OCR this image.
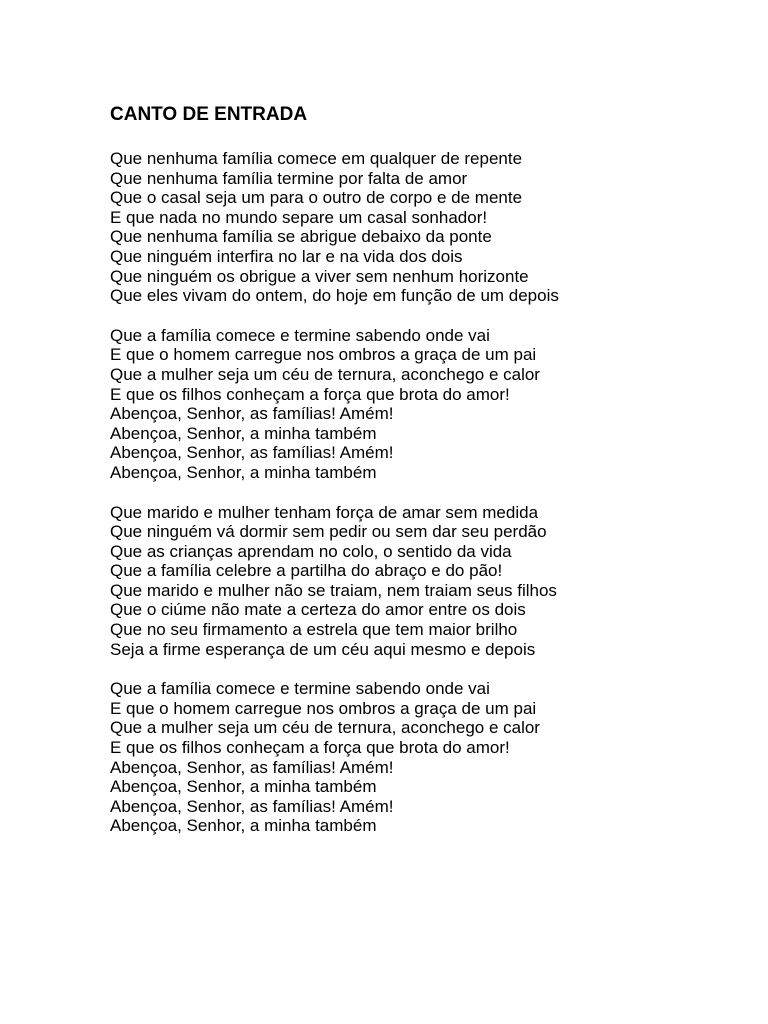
CANTO DE ENTRADA
Que nenhuma família comece em qualquer de repente
Que nenhuma família termine por falta de amor
Que o casal seja um para o outro de corpo e de mente
E que nada no mundo separe um casal sonhador!
Que nenhuma família se abrigue debaixo da ponte
Que ninguém interfira no lar e na vida dos dois
Que ninguém os obrigue a viver sem nenhum horizonte
Que eles vivam do ontem, do hoje em função de um depois
Que a família comece e termine sabendo onde vai
E que o homem carregue nos ombros a graça de um pai
Que a mulher seja um céu de ternura, aconchego e calor
E que os filhos conheçam a força que brota do amor!
Abençoa, Senhor, as famílias! Amém!
Abençoa, Senhor, a minha também
Abençoa, Senhor, as famílias! Amém!
Abençoa, Senhor, a minha também
Que marido e mulher tenham força de amar sem medida
Que ninguém vá dormir sem pedir ou sem dar seu perdão
Que as crianças aprendam no colo, o sentido da vida
Que a família celebre a partilha do abraço e do pão!
Que marido e mulher não se traiam, nem traiam seus filhos
Que o ciúme não mate a certeza do amor entre os dois
Que no seu firmamento a estrela que tem maior brilho
Seja a firme esperança de um céu aqui mesmo e depois
Que a família comece e termine sabendo onde vai
E que o homem carregue nos ombros a graça de um pai
Que a mulher seja um céu de ternura, aconchego e calor
E que os filhos conheçam a força que brota do amor!
Abençoa, Senhor, as famílias! Amém!
Abençoa, Senhor, a minha também
Abençoa, Senhor, as famílias! Amém!
Abençoa, Senhor, a minha também
